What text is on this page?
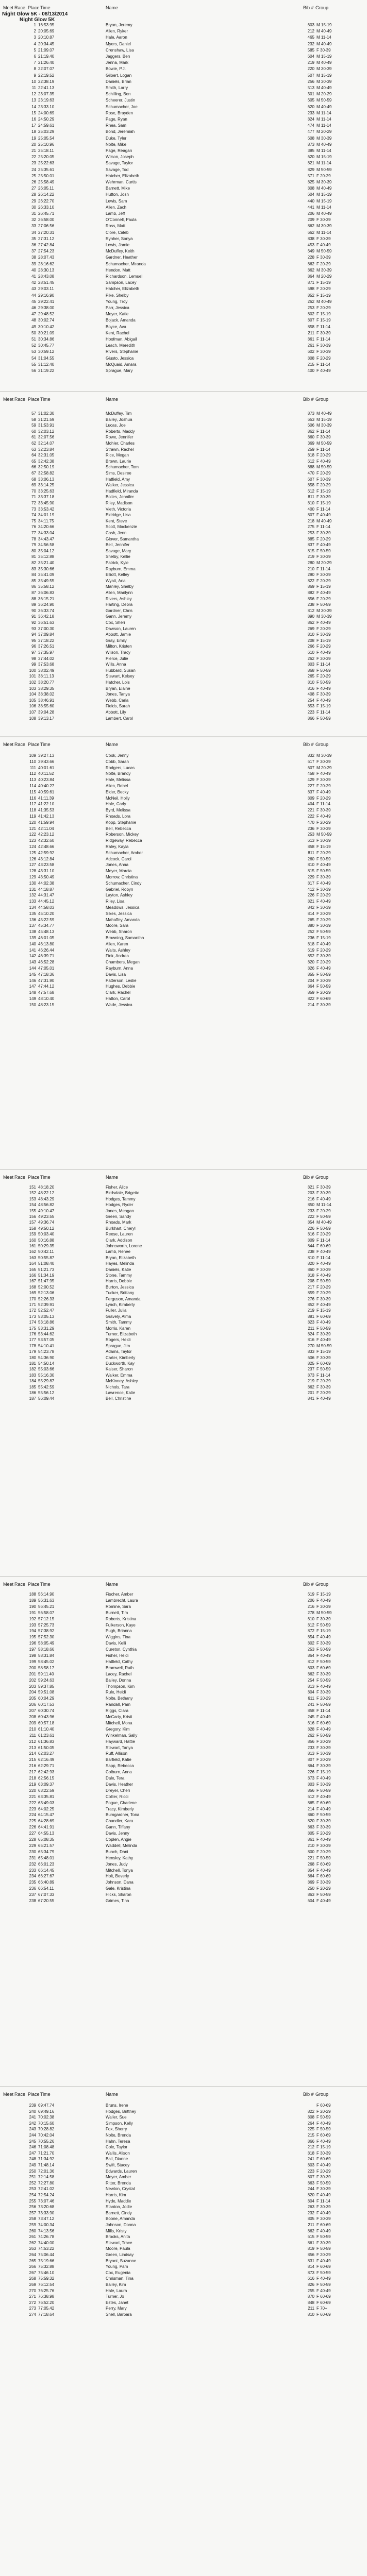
Meet Race Place Time	Name	Bib # Group
Night Glow 5K - 08/13/2014
Night Glow 5K
1 16:53.95	Bryan, Jeremy	603 M 15-19
2 20:05.69	Allen, Ryker	212 M 40-49
3 20:10.87	Hale, Aaron	465 M 11-14
4 20:34.45	Myers, Daniel	232 M 40-49
5 21:09.07	Crenshaw, Lisa	585 F 30-39
6 21:19.40	Jaggers, Ben	604 M 15-19
7 21:26.40	Jenna, Mark	219 M 40-49
8 22:07.07	Bowie, P.J.	220 M 30-39
9 22:19.52	Gilbert, Logan	507 M 15-19
10 22:38.19	Daniels, Brian	256 M 30-39
11 22:41.13	Smith, Larry	513 M 40-49
12 23:07.35	Schilling, Ben	301 M 20-29
13 23:19.63	Scheerer, Justin	605 M 50-59
14 23:33.10	Schumacher, Joe	620 M 40-49
15 24:00.69	Rose, Brayden	233 M 11-14
16 24:50.29	Page, Ryan	824 M 11-14
17 24:59.61	Rhea, Sam	474 M 11-14
18 25:03.29	Bond, Jeremiah	477 M 20-29
19 25:05.54	Duke, Tyler	608 M 30-39
20 25:10.96	Nolte, Mike	873 M 40-49
21 25:18.11	Page, Reagan	385 M 11-14
22 25:20.05	Wilson, Joseph	620 M 15-19
23 25:22.63	Savage, Taylor	821 M 11-14
24 25:35.61	Savage, Tod	829 M 50-59
25 25:50.01	Hatcher, Elizabeth	571 F 20-29
26 25:58.49	Wehrman, Curtis	825 M 30-39
27 26:05.11	Barnett, Mike	808 M 40-49
28 26:14.22	Hutton, Josh	604 M 15-19
29 26:22.70	Lewis, Sam	440 M 15-19
30 26:33.10	Allen, Zach	441 M 11-14
31 26:45.71	Lamb, Jeff	206 M 40-49
32 26:58.00	O'Connell, Paula	209 F 30-39
33 27:06.56	Ross, Matt	862 M 30-39
34 27:20.31	Clore, Caleb	662 M 11-14
35 27:31.12	Rynher, Sonya	838 F 30-39
36 27:42.84	Lewis, Jamie	453 F 40-49
37 27:54.23	McDuffey, Keith	649 M 50-59
38 28:07.43	Gardner, Heather	228 F 30-39
39 28:16.62	Schumacher, Miranda	862 F 20-29
40 28:30.13	Hendon, Matt	862 M 30-39
41 28:43.08	Richardson, Lemuel	864 M 20-29
42 28:51.45	Sampson, Lacey	871 F 15-19
43 29:03.11	Hatcher, Elizabeth	598 F 20-29
44 29:16.90	Pike, Shelby	852 F 15-19
45 29:22.41	Young, Troy	262 M 40-49
46 29:38.00	Parr, Jessica	253 F 20-29
47 29:48.52	Meyer, Katie	802 F 15-19
48 30:02.74	Bojack, Amanda	807 F 15-19
49 30:10.42	Boyce, Ava	858 F 11-14
50 30:21.09	Kent, Rachel	211 F 30-39
51 30:34.86	Hoofman, Abigail	861 F 11-14
52 30:45.77	Leach, Meredith	261 F 30-39
53 30:59.12	Rivers, Stephanie	602 F 30-39
54 31:04.55	Giusto, Jessica	808 F 20-29
55 31:12.40	McQuaid, Amara	215 F 11-14
56 31:19.22	Sprague, Mary	400 F 40-49
Meet Race Place Time	Name	Bib # Group
57 31:02.30	McDuffey, Tim	873 M 40-49
58 31:21.59	Bailey, Joshua	653 M 15-19
59 31:53.91	Lucas, Joe	606 M 30-39
60 32:03.12	Roberts, Maddy	862 F 11-14
61 32:07.56	Rowe, Jennifer	860 F 30-39
62 32:14.07	Mohler, Charles	369 M 50-59
63 32:23.84	Strawn, Rachel	259 F 11-14
64 32:31.05	Rice, Megan	818 F 20-29
65 32:42.38	Brown, Laurie	612 F 40-49
66 32:50.19	Schumacher, Tom	888 M 50-59
67 32:58.82	Sims, Desiree	470 F 20-29
68 33:06.13	Hatfield, Amy	607 F 30-39
69 33:14.25	Walker, Jessica	858 F 20-29
70 33:25.63	Hadfield, Miranda	612 F 15-19
71 33:37.18	Bolles, Jennifer	811 F 30-39
72 33:45.90	Riley, Madison	810 F 15-19
73 33:53.42	Vieth, Victoria	400 F 11-14
74 34:01.19	Eldridge, Lisa	807 F 40-49
75 34:11.75	Kent, Steve	218 M 40-49
76 34:20.66	Scott, Mackenzie	275 F 11-14
77 34:33.04	Cash, Jenn	253 F 30-39
78 34:43.47	Glover, Samantha	885 F 20-29
79 34:56.58	Bell, Jennifer	837 F 40-49
80 35:04.12	Savage, Mary	815 F 50-59
81 35:12.88	Shelby, Kellie	219 F 30-39
82 35:21.40	Patrick, Kyle	280 M 20-29
83 35:30.66	Rayburn, Emma	210 F 11-14
84 35:41.09	Elliott, Kelley	290 F 30-39
85 35:49.55	Wyatt, Ana	822 F 20-29
86 35:58.12	Manley, Shelby	869 F 15-19
87 36:06.83	Allen, Marilynn	882 F 40-49
88 36:15.21	Rivers, Ashley	856 F 20-29
89 36:24.90	Harting, Debra	238 F 50-59
90 36:33.74	Gardner, Chris	812 M 30-39
91 36:42.18	Gann, Jeremy	890 M 30-39
92 36:51.63	Cox, Sheri	862 F 40-49
93 37:00.30	Dawson, Lauren	269 F 20-29
94 37:09.84	Abbott, Jamie	810 F 30-39
95 37:18.22	Gray, Emily	208 F 15-19
96 37:26.51	Milton, Kristen	266 F 20-29
97 37:35.97	Wilson, Tracy	610 F 40-49
98 37:44.02	Pierce, Julie	262 F 30-39
99 37:53.68	Wills, Anna	803 F 11-14
100 38:02.49	Hubbard, Susan	868 F 50-59
101 38:11.13	Stewart, Kelsey	265 F 20-29
102 38:20.77	Hatcher, Lois	810 F 50-59
103 38:29.35	Bryan, Elaine	816 F 40-49
104 38:38.02	Jones, Tanya	408 F 30-39
105 38:46.91	Webb, Carla	254 F 40-49
106 38:55.60	Fields, Sarah	853 F 15-19
107 39:04.28	Abbott, Lily	223 F 11-14
108 39:13.17	Lambert, Carol	866 F 50-59
Meet Race Place Time	Name	Bib # Group
109 39:27.13	Cook, Jenny	832 M 30-39
110 39:43.66	Cobb, Sarah	617 F 30-39
111 40:01.61	Rodgers, Lucas	607 M 20-29
112 40:11.52	Nolte, Brandy	458 F 40-49
113 40:23.84	Hale, Melissa	429 F 30-39
114 40:40.27	Allen, Rebel	227 F 20-29
115 40:59.61	Elder, Becky	837 F 40-49
116 41:11.39	McNeil, Holly	809 F 20-29
117 41:22.10	Hale, Carly	404 F 11-14
118 41:35.53	Byrd, Melissa	221 F 30-39
119 41:42.13	Rhoads, Lora	222 F 40-49
120 41:59.94	Kopp, Stephanie	470 F 20-29
121 42:11.04	Bell, Rebecca	236 F 30-39
122 42:23.12	Roberson, Mickey	253 M 50-59
123 42:32.60	Ridgeway, Rebecca	613 F 30-39
124 42:48.66	Raley, Kayla	858 F 15-19
125 42:59.92	Schumacher, Amber	811 F 20-29
126 43:12.84	Adcock, Carol	260 F 50-59
127 43:23.58	Jones, Anna	810 F 40-49
128 43:31.10	Meyer, Marcia	815 F 50-59
129 43:50.49	Morrow, Christina	229 F 30-39
130 44:02.38	Schumacher, Cindy	817 F 40-49
131 44:18.87	Gabriel, Robyn	412 F 30-39
132 44:31.47	Layton, Ashley	226 F 20-29
133 44:45.12	Riley, Lisa	821 F 40-49
134 44:58.03	Meadows, Jessica	842 F 30-39
135 45:10.20	Sikes, Jessica	814 F 20-29
136 45:22.59	Mahaffey, Amanda	265 F 20-29
137 45:34.77	Moore, Sara	880 F 30-39
138 45:48.13	Webb, Sharon	252 F 50-59
139 46:01.05	Browning, Samantha	236 F 15-19
140 46:13.80	Allen, Karen	818 F 40-49
141 46:26.44	Waits, Ashley	619 F 20-29
142 46:39.71	Fink, Andrea	852 F 30-39
143 46:52.28	Chambers, Megan	820 F 20-29
144 47:05.01	Rayburn, Anna	826 F 40-49
145 47:18.36	Davis, Lisa	855 F 50-59
146 47:31.90	Patterson, Leslie	204 F 30-39
147 47:44.12	Hughes, Debbie	864 F 50-59
148 47:57.68	Clark, Rachel	859 F 20-29
149 48:10.40	Hatton, Carol	822 F 60-69
150 48:23.15	Wade, Jessica	214 F 30-39
Meet Race Place Time	Name	Bib # Group
151 48:18.20	Fisher, Alice	821 F 30-39
152 48:22.12	Birdsdale, Brigette	203 F 30-39
153 48:43.29	Hodges, Tammy	216 F 40-49
154 48:56.82	Hodges, Ryder	850 M 11-14
155 49:10.47	Jones, Meagan	233 F 20-29
156 49:23.55	Green, Sandy	222 F 50-59
157 49:36.74	Rhoads, Mark	854 M 40-49
158 49:50.12	Burkhart, Cheryl	226 F 50-59
159 50:03.40	Reese, Lauren	816 F 20-29
160 50:16.88	Clark, Addison	809 F 11-14
161 50:29.35	Johnsworth, Lorene	844 F 60-69
162 50:42.11	Lamb, Renee	238 F 40-49
163 50:55.87	Bryan, Elizabeth	810 F 11-14
164 51:08.40	Hayes, Melinda	820 F 40-49
165 51:21.73	Daniels, Katie	860 F 30-39
166 51:34.19	Stone, Tammy	818 F 40-49
167 51:47.95	Harris, Debbie	208 F 50-59
168 52:00.52	Burton, Jessica	217 F 20-29
169 52:13.06	Tucker, Brittany	859 F 20-29
170 52:26.33	Ferguson, Amanda	276 F 30-39
171 52:39.91	Lynch, Kimberly	852 F 40-49
172 52:52.47	Fuller, Julia	219 F 15-19
173 53:05.13	Gravely, Alma	881 F 60-69
174 53:18.86	Smith, Tammy	823 F 40-49
175 53:31.29	Morris, Karen	211 F 50-59
176 53:44.62	Turner, Elizabeth	824 F 30-39
177 53:57.05	Rogers, Heidi	816 F 40-49
178 54:10.41	Sprague, Jim	270 M 50-59
179 54:23.78	Adams, Taylor	833 F 15-19
180 54:36.90	Carter, Kimberly	606 F 30-39
181 54:50.14	Duckworth, Kay	825 F 60-69
182 55:03.66	Kaiser, Sharon	237 F 50-59
183 55:16.30	Walker, Emma	873 F 11-14
184 55:29.87	McKinney, Ashley	219 F 20-29
185 55:42.59	Nichols, Tara	862 F 30-39
186 55:56.12	Lawrence, Katie	201 F 20-29
187 56:09.44	Bell, Christine	841 F 40-49
Meet Race Place Time	Name	Bib # Group
188 56:14.90	Fischer, Amber	619 F 15-19
189 56:31.63	Lambrecht, Laura	206 F 40-49
190 56:45.21	Romine, Sara	216 F 30-39
191 56:58.07	Burnett, Tim	278 M 50-59
192 57:12.15	Roberts, Kristina	610 F 30-39
193 57:25.73	Fulkerson, Kaye	812 F 50-59
194 57:38.92	Pugh, Brianna	872 F 15-19
195 57:52.30	Wiggins, Tina	854 F 40-49
196 58:05.49	Davis, Kelli	802 F 30-39
197 58:18.66	Cureton, Cynthia	253 F 50-59
198 58:31.84	Fisher, Heidi	864 F 40-49
199 58:45.02	Hatfield, Cathy	812 F 50-59
200 58:58.17	Bramwell, Ruth	603 F 60-69
201 59:11.40	Lacey, Rachel	862 F 30-39
202 59:24.63	Bailey, Donna	254 F 50-59
203 59:37.85	Thompson, Kim	813 F 40-49
204 59:51.08	Rule, Heidi	804 F 30-39
205 60:04.29	Nolte, Bethany	611 F 20-29
206 60:17.53	Randall, Pam	241 F 50-59
207 60:30.74	Riggs, Clara	858 F 11-14
208 60:43.96	McCarty, Kristi	245 F 40-49
209 60:57.18	Mitchell, Mona	616 F 60-69
210 61:10.40	Gregory, Kim	828 F 40-49
211 61:23.61	Winkelman, Sally	262 F 50-59
212 61:36.83	Hayward, Hattie	856 F 20-29
213 61:50.05	Stewart, Tanya	233 F 30-39
214 62:03.27	Ruff, Allison	813 F 30-39
215 62:16.49	Barfield, Katie	807 F 20-29
216 62:29.71	Sapp, Rebecca	864 F 30-39
217 62:42.93	Colburn, Anna	226 F 15-19
218 62:56.15	Dale, Tera	873 F 40-49
219 63:09.37	Davis, Heather	803 F 30-39
220 63:22.59	Dreyer, Cheri	856 F 50-59
221 63:35.81	Collier, Ricci	612 F 40-49
222 63:49.03	Pogue, Charlene	865 F 60-69
223 64:02.25	Tracy, Kimberly	214 F 40-49
224 64:15.47	Bumgardner, Tona	860 F 50-59
225 64:28.69	Chandler, Kara	820 F 30-39
226 64:41.91	Gann, Tiffany	863 F 30-39
227 64:55.13	Davis, Jenny	805 F 20-29
228 65:08.35	Coplen, Angie	861 F 40-49
229 65:21.57	Waddell, Melinda	210 F 30-39
230 65:34.79	Bunch, Dani	800 F 20-29
231 65:48.01	Hensley, Kathy	221 F 50-59
232 66:01.23	Jones, Judy	268 F 60-69
233 66:14.45	Mitchell, Tonya	854 F 40-49
234 66:27.67	Holt, Beverly	864 F 60-69
235 66:40.89	Johnson, Dana	869 F 30-39
236 66:54.11	Gale, Kristina	250 F 20-29
237 67:07.33	Hicks, Sharon	863 F 50-59
238 67:20.55	Grimes, Tina	604 F 40-49
Meet Race Place Time	Name	Bib # Group
239 69:47.74	Bruns, Irene	F 60-69
240 69:49.16	Hodges, Brittney	822 F 20-29
241 70:02.38	Waller, Sue	808 F 50-59
242 70:15.60	Simpson, Kelly	264 F 40-49
243 70:28.82	Fox, Sherry	225 F 50-59
244 70:42.04	Nolte, Brenda	215 F 60-69
245 70:55.26	Hahn, Teresa	866 F 40-49
246 71:08.48	Cole, Taylor	212 F 15-19
247 71:21.70	Wallis, Alison	818 F 30-39
248 71:34.92	Ball, Dianne	241 F 60-69
249 71:48.14	Swift, Stacey	803 F 40-49
250 72:01.36	Edwards, Lauren	223 F 20-29
251 72:14.58	Meyer, Amber	807 F 30-39
252 72:27.80	Ritter, Brenda	863 F 50-59
253 72:41.02	Newton, Crystal	244 F 30-39
254 72:54.24	Harris, Kim	820 F 40-49
255 73:07.46	Hyde, Maddie	804 F 11-14
256 73:20.68	Stanton, Jodie	263 F 30-39
257 73:33.90	Barnett, Cindy	232 F 40-49
258 73:47.12	Boone, Amanda	805 F 30-39
259 74:00.34	Johnson, Donna	211 F 60-69
260 74:13.56	Mills, Kristy	862 F 40-49
261 74:26.78	Brooks, Anita	615 F 50-59
262 74:40.00	Stewart, Trace	861 F 30-39
263 74:53.22	Moore, Paula	819 F 50-59
264 75:06.44	Green, Lindsay	856 F 20-29
265 75:19.66	Bryant, Suzanne	831 F 40-49
266 75:32.88	Young, Pam	814 F 60-69
267 75:46.10	Cox, Eugenia	873 F 50-59
268 75:59.32	Chrisman, Tina	616 F 40-49
269 76:12.54	Bailey, Kim	826 F 50-59
270 76:25.76	Hale, Laura	255 F 40-49
271 76:38.98	Turner, Jo	870 F 60-69
272 76:52.20	Estes, Janet	848 F 60-69
273 77:05.42	Perry, Mary	211 F 70+
274 77:18.64	Shell, Barbara	810 F 60-69
